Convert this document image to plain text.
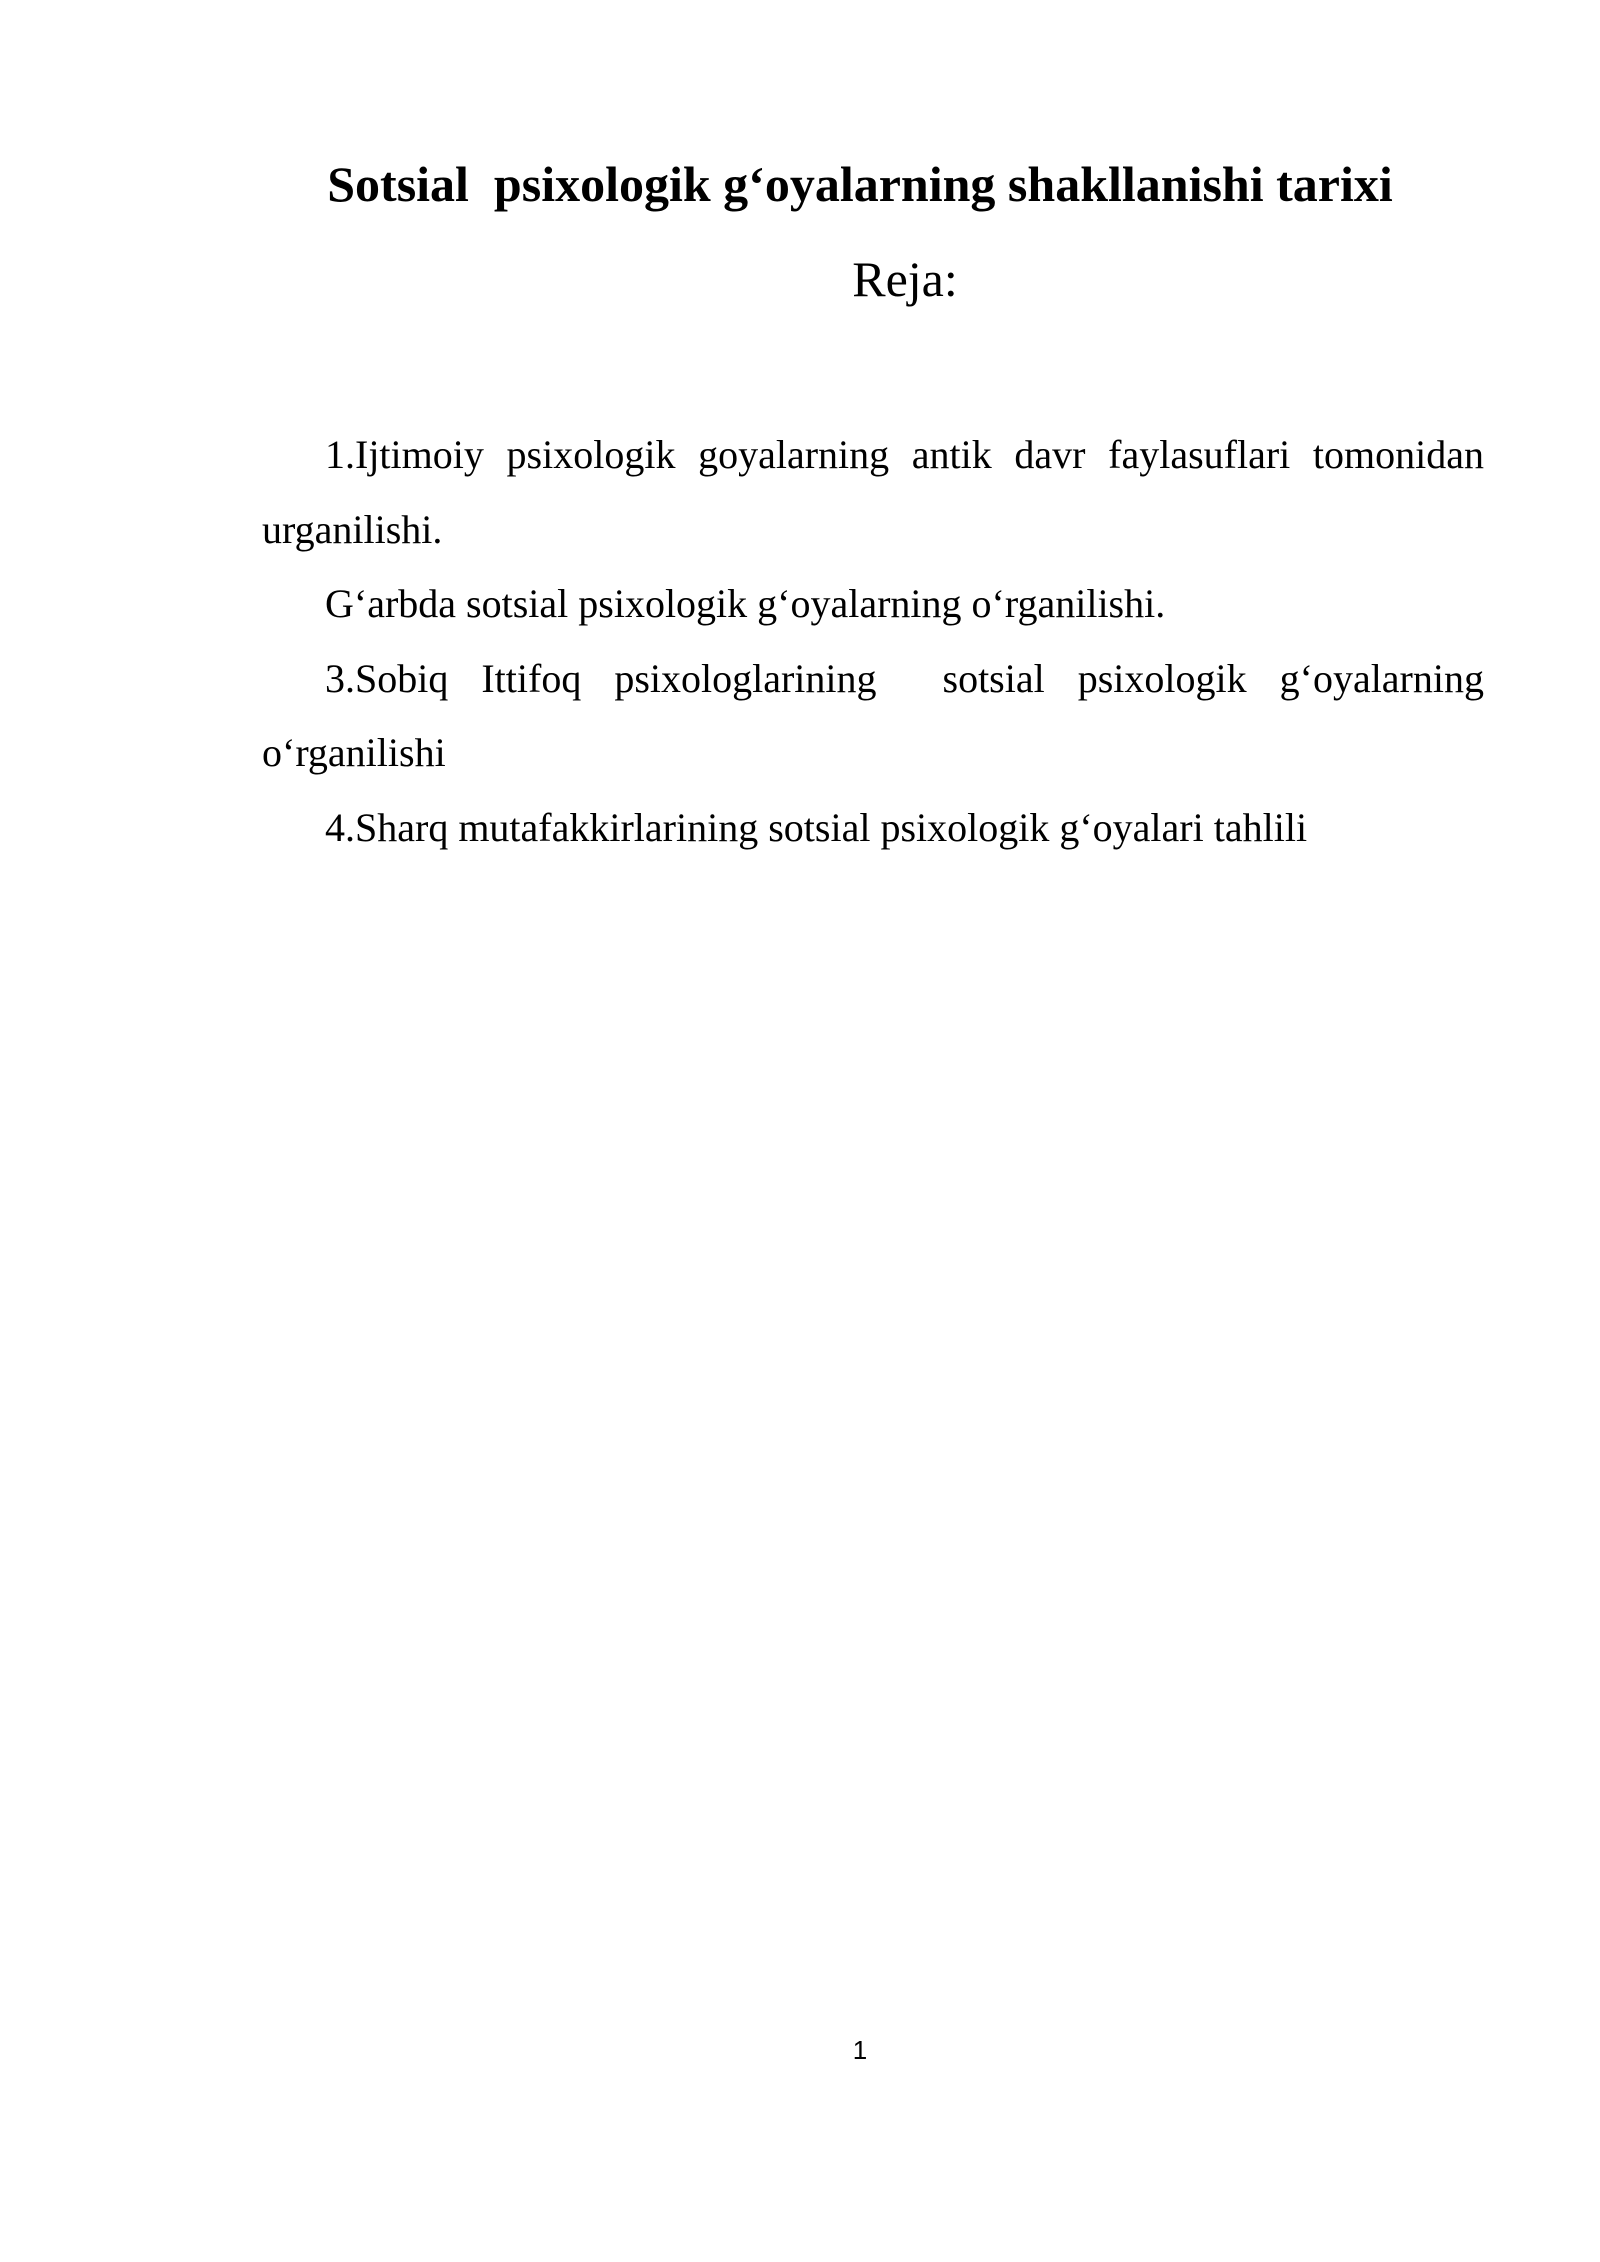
Sotsial  psixologik g‘oyalarning shakllanishi tarixi
Reja:

1.Ijtimoiy psixologik goyalarning antik davr faylasuflari tomonidan urganilishi.

G‘arbda sotsial psixologik g‘oyalarning o‘rganilishi.

3.Sobiq Ittifoq psixologlarining  sotsial psixologik g‘oyalarning o‘rganilishi

4.Sharq mutafakkirlarining sotsial psixologik g‘oyalari tahlili

1
